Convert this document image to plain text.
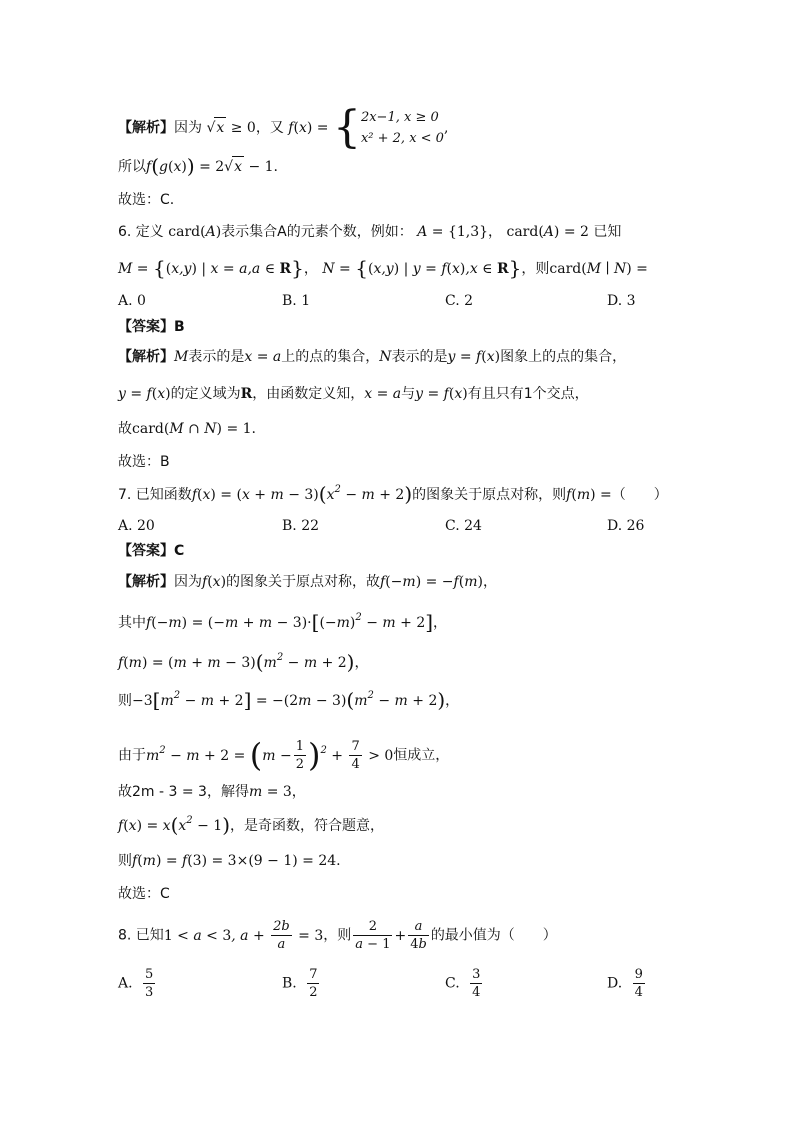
【解析】因为 √x ≥ 0，又 f(x) = { 2x−1, x ≥ 0
x² + 2, x < 0
,
所以f(g(x)) = 2√x − 1.
故选：C.
6. 定义 card(A)表示集合A的元素个数，例如： A = {1,3}， card(A) = 2 已知
M = {(x,y) | x = a,a ∈ R}， N = {(x,y) | y = f(x),x ∈ R}，则card(M ∣ N) =
A. 0	B. 1	C. 2	D. 3
【答案】B
【解析】M表示的是x = a上的点的集合，N表示的是y = f(x)图象上的点的集合，
y = f(x)的定义域为R，由函数定义知，x = a与y = f(x)有且只有1个交点，
故card(M ∩ N) = 1.
故选：B
7. 已知函数$f(x) = (x + m - 3)(x^2 - m + 2)$的图象关于原点对称，则f(m) =（　　）
A. 20	B. 22	C. 24	D. 26
【答案】C
【解析】因为f(x)的图象关于原点对称，故f(−m) = −f(m)，
其中$f(-m) = (-m + m - 3)\cdot[(-m)^2 - m + 2]$，
$f(m) = (m + m - 3)(m^2 - m + 2)$，
则$-3[m^2 - m + 2] = -(2m - 3)(m^2 - m + 2)$，
由于$m^2 - m + 2 = (m - \frac{1}{2} )^2 + \frac{7}{4} > 0$恒成立，
故2m - 3 = 3，解得m = 3，
$f(x) = x(x^2 - 1)$，是奇函数，符合题意，
则f(m) = f(3) = 3×(9 − 1) = 24.
故选：C
8. 已知1 < a < 3, $a + \frac{2b}{a} = 3$，则 $\frac{2}{a - 1} + \frac{a}{4b}$ 的最小值为（　　）
A. $\frac{5}{3}$	B. $\frac{7}{2}$	C. $\frac{3}{4}$	D. $\frac{9}{4}$
